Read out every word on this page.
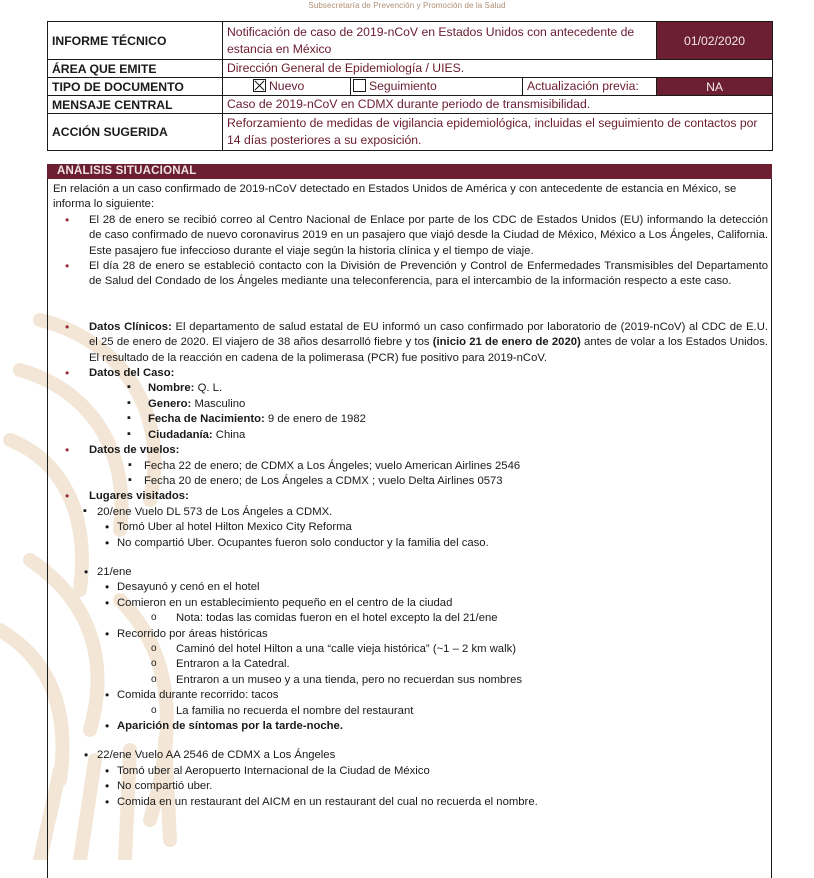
Subsecretaría de Prevención y Promoción de la Salud
INFORME TÉCNICO	Notificación de caso de 2019-nCoV en Estados Unidos con antecedente de estancia en México			01/02/2020
ÁREA QUE EMITE	Dirección General de Epidemiología / UIES.			
TIPO DE DOCUMENTO	Nuevo	Seguimiento	Actualización previa:	NA
MENSAJE CENTRAL	Caso de 2019-nCoV en CDMX durante periodo de transmisibilidad.			
ACCIÓN SUGERIDA	Reforzamiento de medidas de vigilancia epidemiológica, incluidas el seguimiento de contactos por 14 días posteriores a su exposición.			
ANÁLISIS SITUACIONAL

En relación a un caso confirmado de 2019-nCoV detectado en Estados Unidos de América y con antecedente de estancia en México, se informa lo siguiente:

• El 28 de enero se recibió correo al Centro Nacional de Enlace por parte de los CDC de Estados Unidos (EU) informando la detección de caso confirmado de nuevo coronavirus 2019 en un pasajero que viajó desde la Ciudad de México, México a Los Ángeles, California. Este pasajero fue infeccioso durante el viaje según la historia clínica y el tiempo de viaje.

• El día 28 de enero se estableció contacto con la División de Prevención y Control de Enfermedades Transmisibles del Departamento de Salud del Condado de los Ángeles mediante una teleconferencia, para el intercambio de la información respecto a este caso.

• Datos Clínicos: El departamento de salud estatal de EU informó un caso confirmado por laboratorio de (2019-nCoV) al CDC de E.U. el 25 de enero de 2020. El viajero de 38 años desarrolló fiebre y tos (inicio 21 de enero de 2020) antes de volar a los Estados Unidos. El resultado de la reacción en cadena de la polimerasa (PCR) fue positivo para 2019-nCoV.

• Datos del Caso:

▪ Nombre: Q. L.

▪ Genero: Masculino

▪ Fecha de Nacimiento: 9 de enero de 1982

▪ Ciudadanía: China

• Datos de vuelos:

▪ Fecha 22 de enero; de CDMX a Los Ángeles; vuelo American Airlines 2546

▪ Fecha 20 de enero; de Los Ángeles a CDMX ; vuelo Delta Airlines 0573

• Lugares visitados:

▪ 20/ene Vuelo DL 573 de Los Ángeles a CDMX.

• Tomó Uber al hotel Hilton Mexico City Reforma

• No compartió Uber. Ocupantes fueron solo conductor y la familia del caso.

• 21/ene

• Desayunó y cenó en el hotel

• Comieron en un establecimiento pequeño en el centro de la ciudad

o Nota: todas las comidas fueron en el hotel excepto la del 21/ene

• Recorrido por áreas históricas

o Caminó del hotel Hilton a una “calle vieja histórica” (~1 – 2 km walk)

o Entraron a la Catedral.

o Entraron a un museo y a una tienda, pero no recuerdan sus nombres

• Comida durante recorrido: tacos

o La familia no recuerda el nombre del restaurant

• Aparición de síntomas por la tarde-noche.

• 22/ene Vuelo AA 2546 de CDMX a Los Ángeles

• Tomó uber al Aeropuerto Internacional de la Ciudad de México

• No compartió uber.

• Comida en un restaurant del AICM en un restaurant del cual no recuerda el nombre.
